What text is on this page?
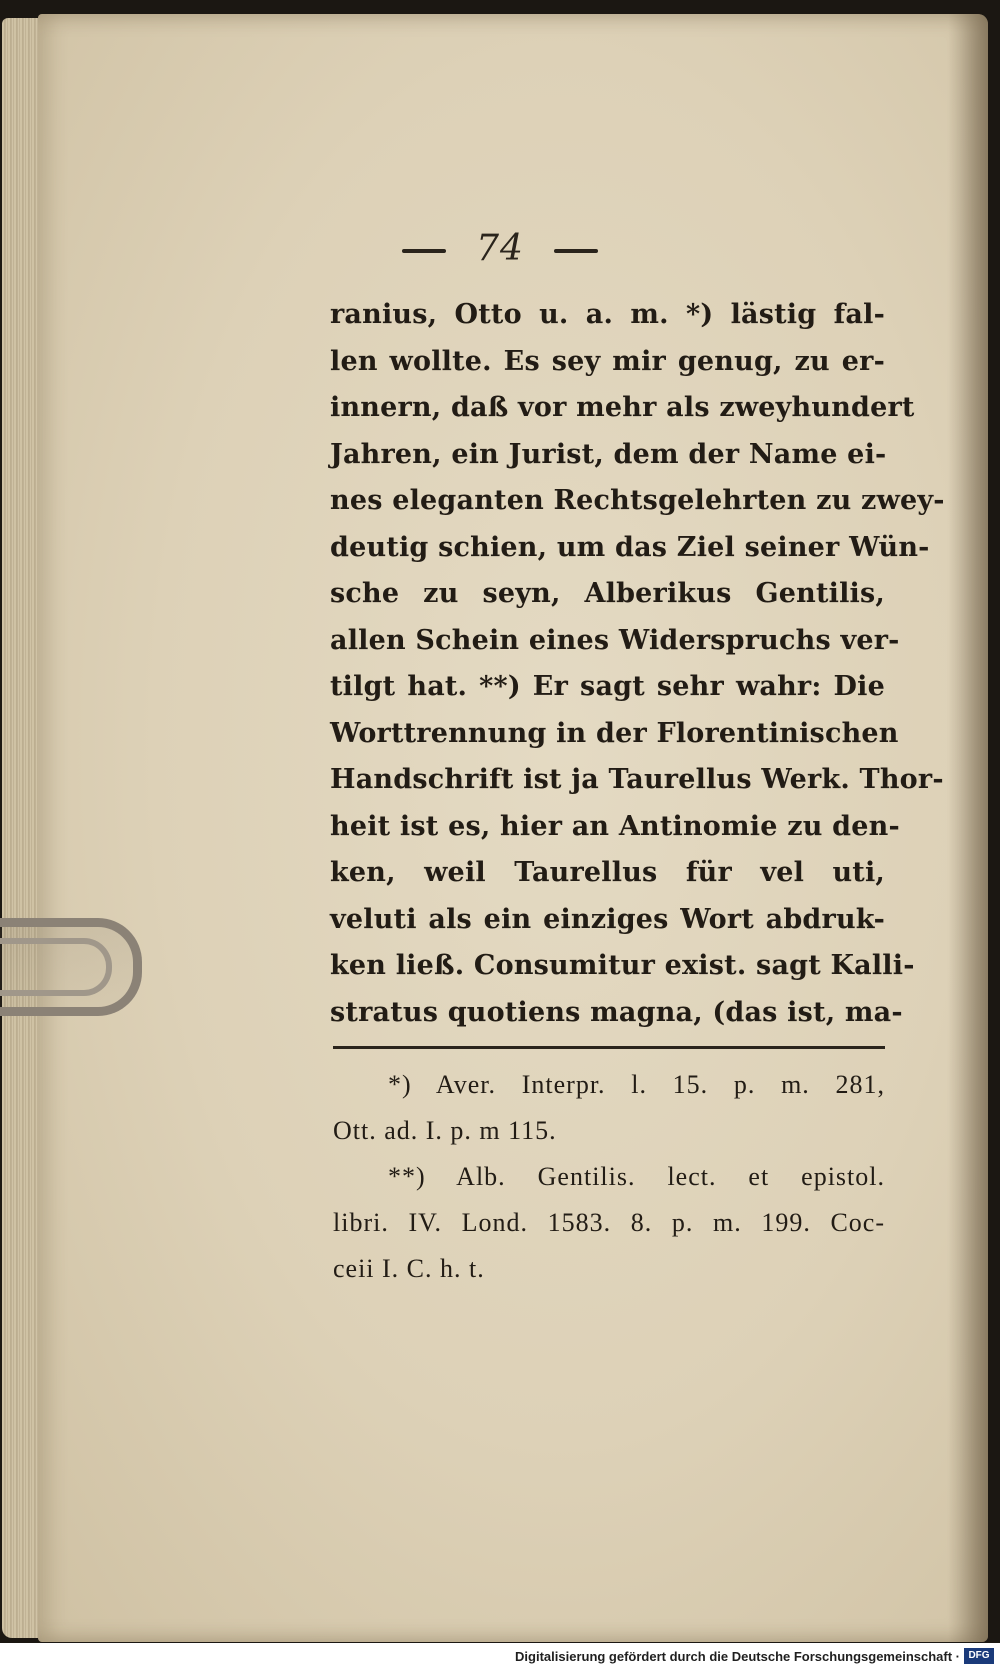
74
ranius, Otto u. a. m. *) lästig fal-
len wollte. Es sey mir genug, zu er-
innern, daß vor mehr als zweyhundert
Jahren, ein Jurist, dem der Name ei-
nes eleganten Rechtsgelehrten zu zwey-
deutig schien, um das Ziel seiner Wün-
sche zu seyn, Alberikus Gentilis,
allen Schein eines Widerspruchs ver-
tilgt hat. **) Er sagt sehr wahr: Die
Worttrennung in der Florentinischen
Handschrift ist ja Taurellus Werk. Thor-
heit ist es, hier an Antinomie zu den-
ken, weil Taurellus für vel uti,
veluti als ein einziges Wort abdruk-
ken ließ. Consumitur exist. sagt Kalli-
stratus quotiens magna, (das ist, ma-
*) Aver. Interpr. l. 15. p. m. 281,
Ott. ad. I. p. m 115.
**) Alb. Gentilis. lect. et epistol.
libri. IV. Lond. 1583. 8. p. m. 199. Coc-
ceii I. C. h. t.
Digitalisierung gefördert durch die Deutsche Forschungsgemeinschaft · DFG
